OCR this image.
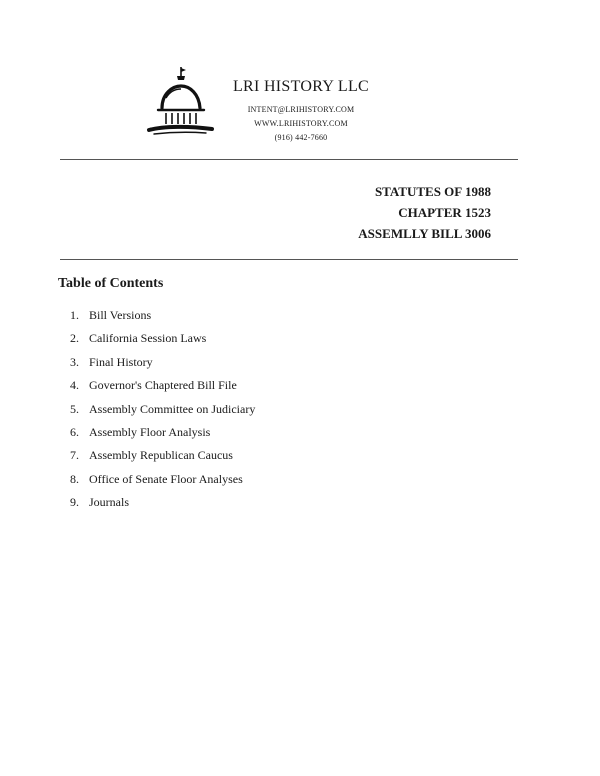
LRI HISTORY LLC
INTENT@LRIHISTORY.COM
WWW.LRIHISTORY.COM
(916) 442-7660
STATUTES OF 1988
CHAPTER 1523
ASSEMLLY BILL 3006
Table of Contents
1. Bill Versions
2. California Session Laws
3. Final History
4. Governor's Chaptered Bill File
5. Assembly Committee on Judiciary
6. Assembly Floor Analysis
7. Assembly Republican Caucus
8. Office of Senate Floor Analyses
9. Journals
